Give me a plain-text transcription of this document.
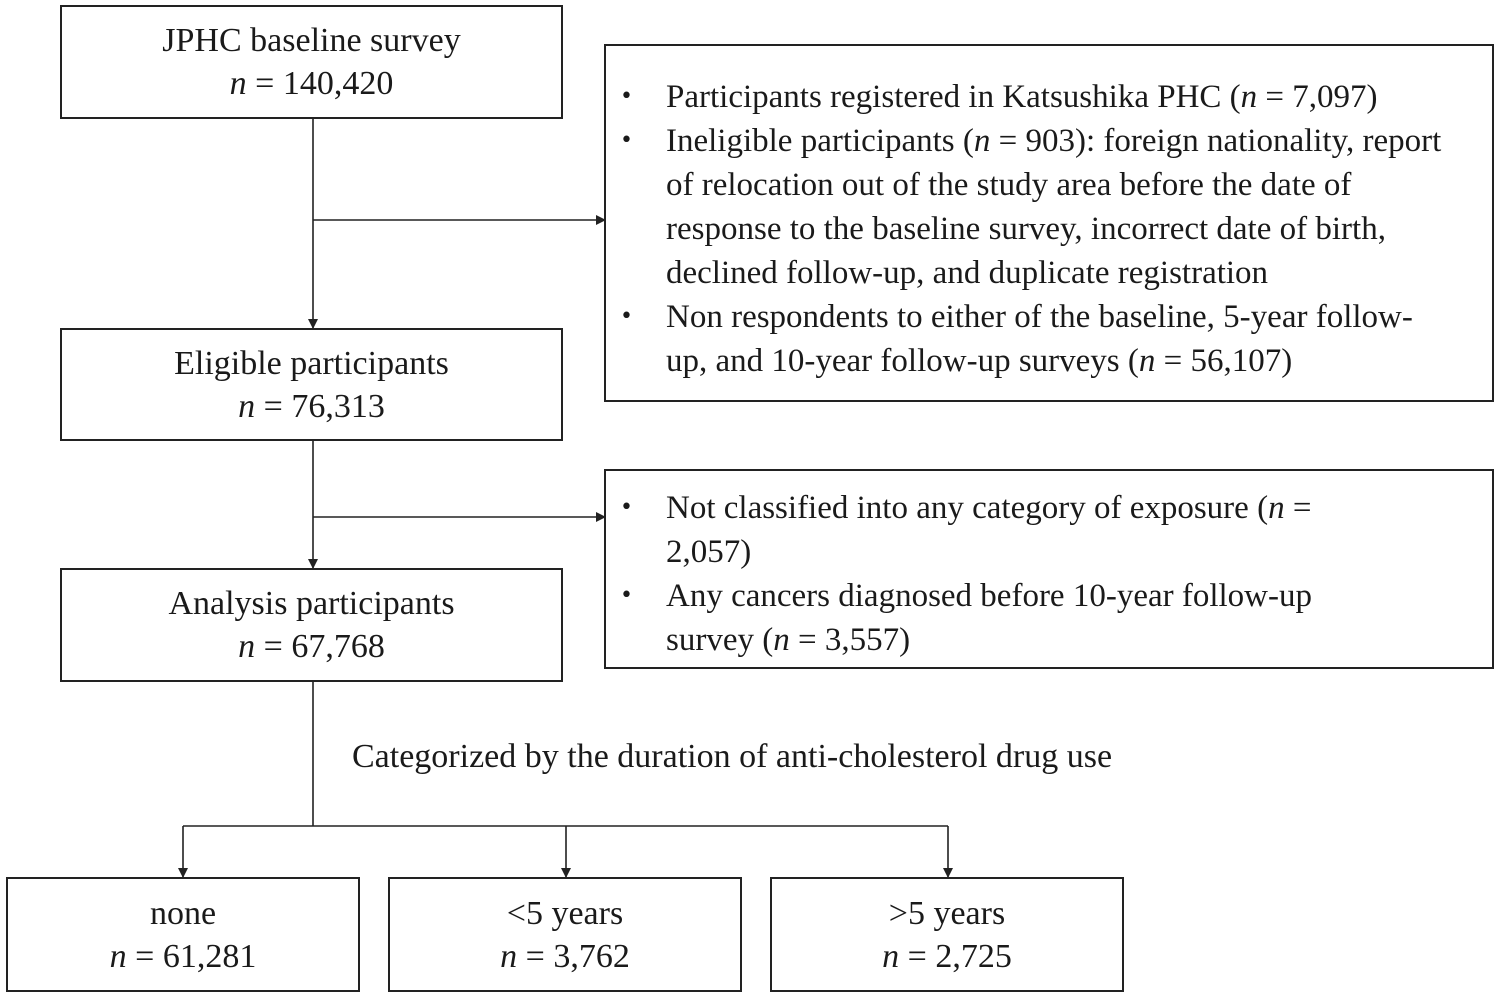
JPHC baseline survey
n = 140,420
Eligible participants
n = 76,313
Analysis participants
n = 67,768
• Participants registered in Katsushika PHC (n = 7,097)
• Ineligible participants (n = 903): foreign nationality, report of relocation out of the study area before the date of response to the baseline survey, incorrect date of birth, declined follow-up, and duplicate registration
• Non respondents to either of the baseline, 5-year follow-up, and 10-year follow-up surveys (n = 56,107)
• Not classified into any category of exposure (n = 2,057)
• Any cancers diagnosed before 10-year follow-up survey (n = 3,557)
Categorized by the duration of anti-cholesterol drug use
none
n = 61,281
<5 years
n = 3,762
>5 years
n = 2,725
